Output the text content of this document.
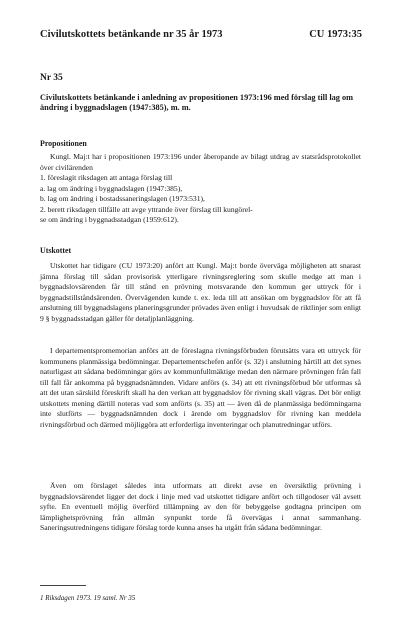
Civilutskottets betänkande nr 35 år 1973	CU 1973:35
Nr 35
Civilutskottets betänkande i anledning av propositionen 1973:196 med förslag till lag om ändring i byggnadslagen (1947:385), m. m.
Propositionen

Kungl. Maj:t har i propositionen 1973:196 under åberopande av bilagt utdrag av statsrådsprotokollet över civilärenden

1. föreslagit riksdagen att antaga förslag till
a. lag om ändring i byggnadslagen (1947:385),
b. lag om ändring i bostadssaneringslagen (1973:531),
2. berett riksdagen tillfälle att avge yttrande över förslag till kungörel-
se om ändring i byggnadsstadgan (1959:612).
Utskottet

Utskottet har tidigare (CU 1973:20) anfört att Kungl. Maj:t borde överväga möjligheten att snarast jämna förslag till sådan provisorisk ytterligare rivningsreglering som skulle medge att man i byggnadslovsärenden får till stånd en prövning motsvarande den kommun ger uttryck för i byggnadstillståndsärenden. Övervägenden kunde t. ex. leda till att ansökan om byggnadslov för att få anslutning till byggnadslagens planeringsgrunder prövades även enligt i huvudsak de riktlinjer som enligt 9 § byggnadsstadgan gäller för detaljplanläggning.

I departementspromemorian anförs att de föreslagna rivningsförbuden förutsätts vara ett uttryck för kommunens planmässiga bedömningar. Departementschefen anför (s. 32) i anslutning härtill att det synes naturligast att sådana bedömningar görs av kommunfullmäktige medan den närmare prövningen från fall till fall får ankomma på byggnadsnämnden. Vidare anförs (s. 34) att ett rivningsförbud bör utformas så att det utan särskild föreskrift skall ha den verkan att byggnadslov för rivning skall vägras. Det bör enligt utskottets mening därtill noteras vad som anförts (s. 35) att — även då de planmässiga bedömningarna inte slutförts — byggnadsnämnden dock i ärende om byggnadslov för rivning kan meddela rivningsförbud och därmed möjliggöra att erforderliga inventeringar och planutredningar utförs.

Även om förslaget således inta utformats att direkt avse en översiktlig prövning i byggnadslovsärendet ligger det dock i linje med vad utskottet tidigare anfört och tillgodoser väl avsett syfte. En eventuell möjlig överförd tillämpning av den för bebyggelse godtagna principen om lämplighetsprövning från allmän synpunkt torde få övervägas i annat sammanhang. Saneringsutredningens tidigare förslag torde kunna anses ha utgått från sådana bedömningar.

1 Riksdagen 1973. 19 saml. Nr 35
